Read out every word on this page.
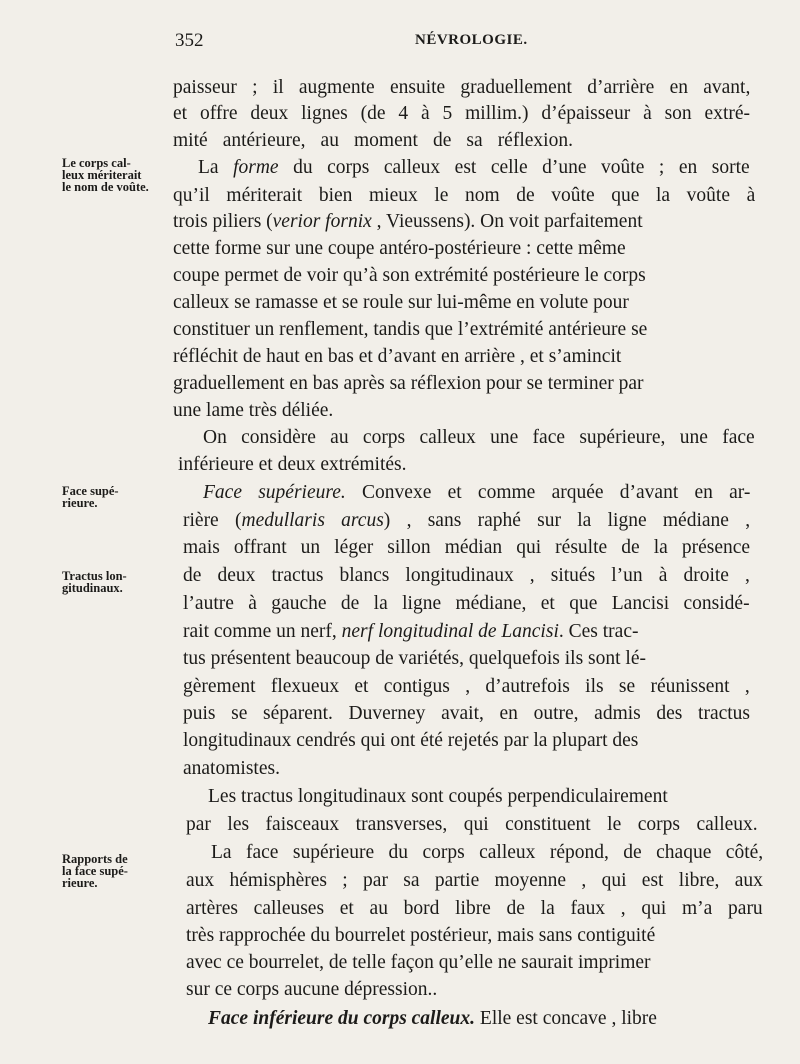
352	NÉVROLOGIE.
Le corps cal-
leux mériterait
le nom de voûte.
Face supé-
rieure.
Tractus lon-
gitudinaux.
Rapports de
la face supé-
rieure.
paisseur ; il augmente ensuite graduellement d’arrière en avant,
et offre deux lignes (de 4 à 5 millim.) d’épaisseur à son extré-
mité antérieure, au moment de sa réflexion.
La forme du corps calleux est celle d’une voûte ; en sorte
qu’il mériterait bien mieux le nom de voûte que la voûte à
trois piliers (verior fornix , Vieussens). On voit parfaitement
cette forme sur une coupe antéro-postérieure : cette même
coupe permet de voir qu’à son extrémité postérieure le corps
calleux se ramasse et se roule sur lui-même en volute pour
constituer un renflement, tandis que l’extrémité antérieure se
réfléchit de haut en bas et d’avant en arrière , et s’amincit
graduellement en bas après sa réflexion pour se terminer par
une lame très déliée.
On considère au corps calleux une face supérieure, une face
inférieure et deux extrémités.
Face supérieure. Convexe et comme arquée d’avant en ar-
rière (medullaris arcus) , sans raphé sur la ligne médiane ,
mais offrant un léger sillon médian qui résulte de la présence
de deux tractus blancs longitudinaux , situés l’un à droite ,
l’autre à gauche de la ligne médiane, et que Lancisi considé-
rait comme un nerf, nerf longitudinal de Lancisi. Ces trac-
tus présentent beaucoup de variétés, quelquefois ils sont lé-
gèrement flexueux et contigus , d’autrefois ils se réunissent ,
puis se séparent. Duverney avait, en outre, admis des tractus
longitudinaux cendrés qui ont été rejetés par la plupart des
anatomistes.
Les tractus longitudinaux sont coupés perpendiculairement
par les faisceaux transverses, qui constituent le corps calleux.
La face supérieure du corps calleux répond, de chaque côté,
aux hémisphères ; par sa partie moyenne , qui est libre, aux
artères calleuses et au bord libre de la faux , qui m’a paru
très rapprochée du bourrelet postérieur, mais sans contiguité
avec ce bourrelet, de telle façon qu’elle ne saurait imprimer
sur ce corps aucune dépression..
Face inférieure du corps calleux. Elle est concave , libre
